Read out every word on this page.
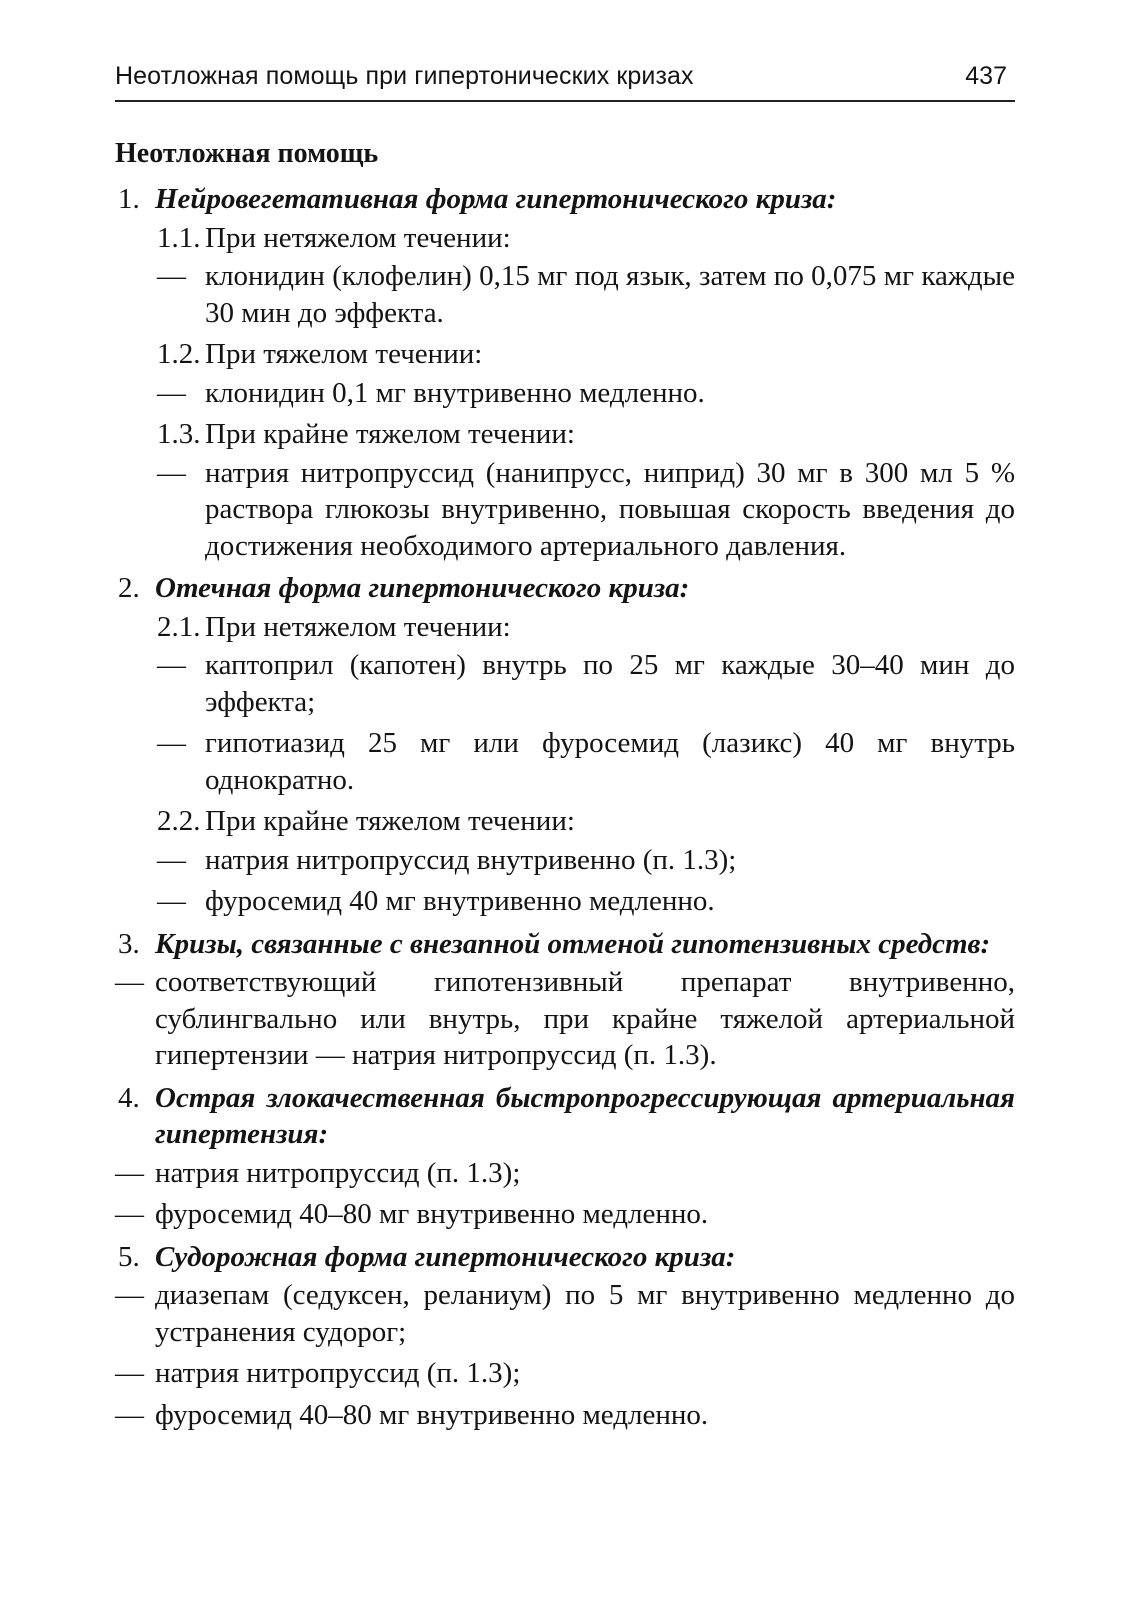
Неотложная помощь при гипертонических кризах	437
Неотложная помощь
1. Нейровегетативная форма гипертонического криза:
1.1. При нетяжелом течении:
— клонидин (клофелин) 0,15 мг под язык, затем по 0,075 мг каждые 30 мин до эффекта.
1.2. При тяжелом течении:
— клонидин 0,1 мг внутривенно медленно.
1.3. При крайне тяжелом течении:
— натрия нитропруссид (нанипрусс, ниприд) 30 мг в 300 мл 5 % раствора глюкозы внутривенно, повышая скорость введения до достижения необходимого артериального давления.
2. Отечная форма гипертонического криза:
2.1. При нетяжелом течении:
— каптоприл (капотен) внутрь по 25 мг каждые 30–40 мин до эффекта;
— гипотиазид 25 мг или фуросемид (лазикс) 40 мг внутрь однократно.
2.2. При крайне тяжелом течении:
— натрия нитропруссид внутривенно (п. 1.3);
— фуросемид 40 мг внутривенно медленно.
3. Кризы, связанные с внезапной отменой гипотензивных средств:
— соответствующий гипотензивный препарат внутривенно, сублингвально или внутрь, при крайне тяжелой артериальной гипертензии — натрия нитропруссид (п. 1.3).
4. Острая злокачественная быстропрогрессирующая артериальная гипертензия:
— натрия нитропруссид (п. 1.3);
— фуросемид 40–80 мг внутривенно медленно.
5. Судорожная форма гипертонического криза:
— диазепам (седуксен, реланиум) по 5 мг внутривенно медленно до устранения судорог;
— натрия нитропруссид (п. 1.3);
— фуросемид 40–80 мг внутривенно медленно.
